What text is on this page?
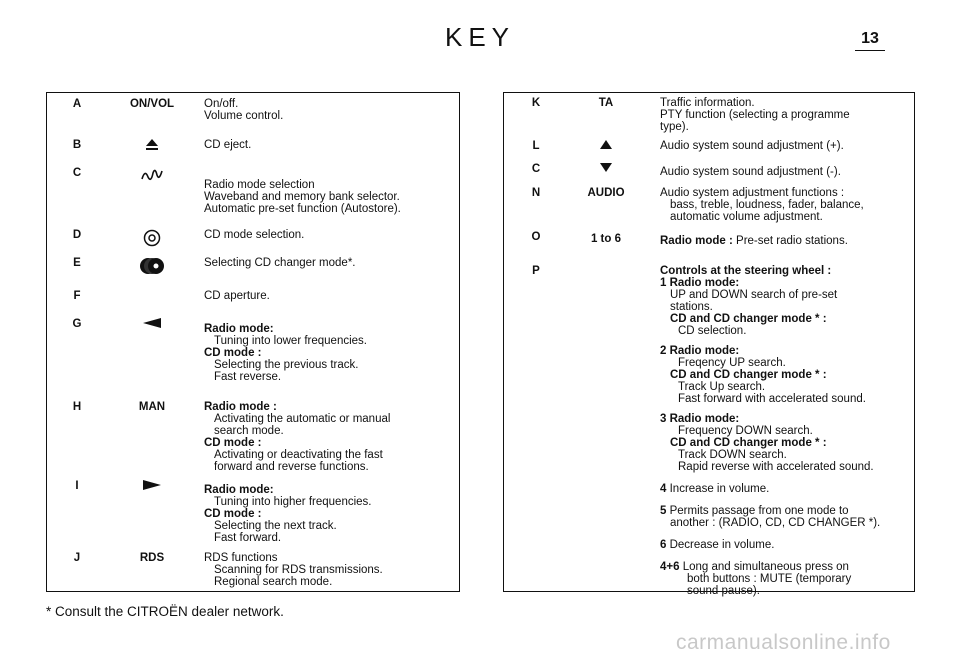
KEY	13
A	ON/VOL	On/off.
Volume control.
B	CD eject.
C
Radio mode selection
Waveband and memory bank selector.
Automatic pre-set function (Autostore).
D	CD mode selection.
E	Selecting CD changer mode*.
F	CD aperture.
G	Radio mode:
Tuning into lower frequencies.
CD mode :
Selecting the previous track.
Fast reverse.
H	MAN	Radio mode :
Activating the automatic or manual
search mode.
CD mode :
Activating or deactivating the fast
forward and reverse functions.
I	Radio mode:
Tuning into higher frequencies.
CD mode :
Selecting the next track.
Fast forward.
J	RDS	RDS functions
Scanning for RDS transmissions.
Regional search mode.
K	TA	Traffic information.
PTY function (selecting a programme
type).
L	Audio system sound adjustment (+).
C	Audio system sound adjustment (-).
N	AUDIO	Audio system adjustment functions :
bass, treble, loudness, fader, balance,
automatic volume adjustment.
O	1 to 6	Radio mode : Pre-set radio stations.
P	Controls at the steering wheel :
1 Radio mode:
UP and DOWN search of pre-set
stations.
CD and CD changer mode * :
CD selection.
2 Radio mode:
Freqency UP search.
CD and CD changer mode * :
Track Up search.
Fast forward with accelerated sound.
3 Radio mode:
Frequency DOWN search.
CD and CD changer mode * :
Track DOWN search.
Rapid reverse with accelerated sound.
4 Increase in volume.
5 Permits passage from one mode to
another : (RADIO, CD, CD CHANGER *).
6 Decrease in volume.
4+6 Long and simultaneous press on
both buttons : MUTE (temporary
sound pause).
* Consult the CITROËN dealer network.
carmanualsonline.info
